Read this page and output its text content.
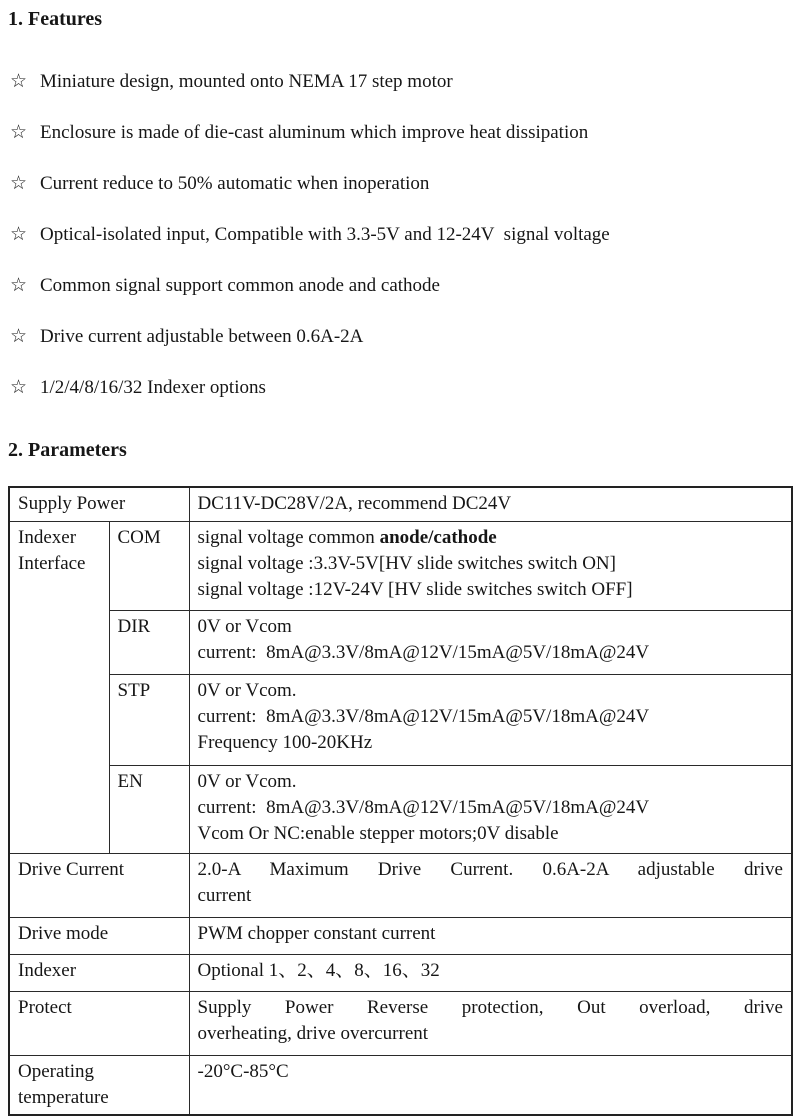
1. Features
☆ Miniature design, mounted onto NEMA 17 step motor
☆ Enclosure is made of die-cast aluminum which improve heat dissipation
☆ Current reduce to 50% automatic when inoperation
☆ Optical-isolated input, Compatible with 3.3-5V and 12-24V  signal voltage
☆ Common signal support common anode and cathode
☆ Drive current adjustable between 0.6A-2A
☆ 1/2/4/8/16/32 Indexer options
2. Parameters
Supply Power		DC11V-DC28V/2A, recommend DC24V
Indexer Interface	COM	signal voltage common anode/cathode
signal voltage :3.3V-5V[HV slide switches switch ON]
signal voltage :12V-24V [HV slide switches switch OFF]

	DIR	0V or Vcom
current:  8mA@3.3V/8mA@12V/15mA@5V/18mA@24V

	STP	0V or Vcom.
current:  8mA@3.3V/8mA@12V/15mA@5V/18mA@24V
Frequency 100-20KHz

	EN	0V or Vcom.
current:  8mA@3.3V/8mA@12V/15mA@5V/18mA@24V
Vcom Or NC:enable stepper motors;0V disable

Drive Current		2.0-A Maximum Drive Current. 0.6A-2A adjustable drive
current

Drive mode		PWM chopper constant current
Indexer		Optional 1、2、4、8、16、32
Protect		Supply Power Reverse protection, Out overload, drive
overheating, drive overcurrent

Operating temperature		-20°C-85°C
